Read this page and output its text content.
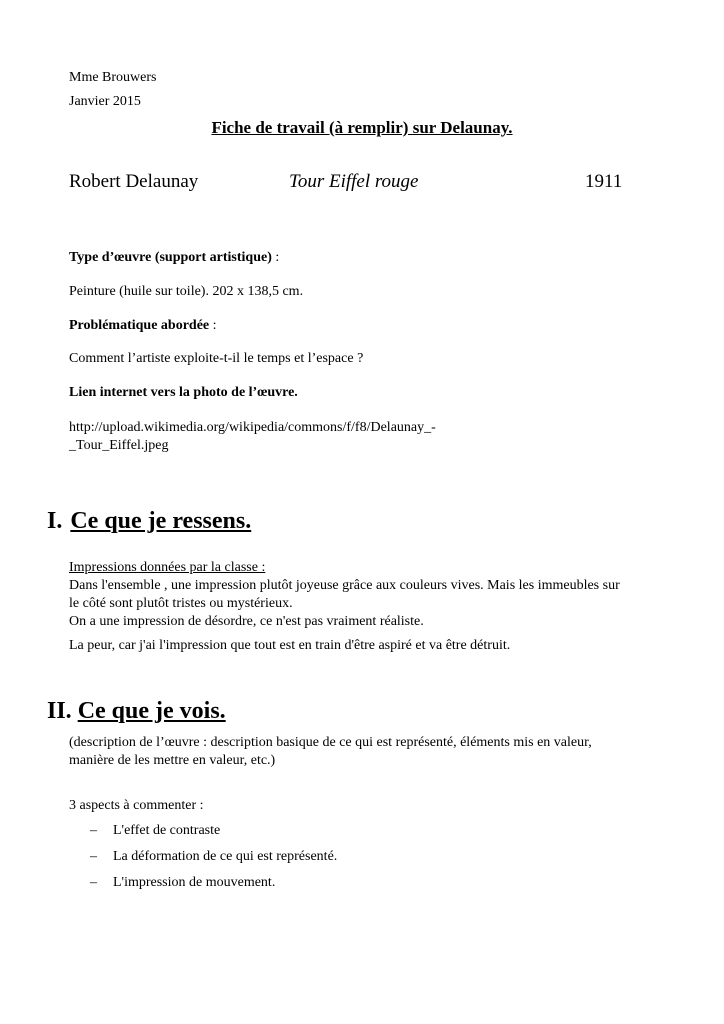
Mme Brouwers
Janvier 2015
Fiche de travail (à remplir) sur Delaunay.
Robert Delaunay	Tour Eiffel rouge	1911
Type d’œuvre (support artistique) :
Peinture (huile sur toile). 202 x 138,5 cm.
Problématique abordée :
Comment l’artiste exploite-t-il le temps et l’espace ?
Lien internet vers la photo de l’œuvre.
http://upload.wikimedia.org/wikipedia/commons/f/f8/Delaunay_-
_Tour_Eiffel.jpeg
I. Ce que je ressens.
Impressions données par la classe :
Dans l'ensemble , une impression plutôt joyeuse grâce aux couleurs vives. Mais les immeubles sur
le côté sont plutôt tristes ou mystérieux.
On a une impression de désordre, ce n'est pas vraiment réaliste.
La peur, car j'ai l'impression que tout est en train d'être aspiré et va être détruit.
II. Ce que je vois.
(description de l’œuvre : description basique de ce qui est représenté, éléments mis en valeur,
manière de les mettre en valeur, etc.)
3 aspects à commenter :
– L'effet de contraste
– La déformation de ce qui est représenté.
– L'impression de mouvement.
